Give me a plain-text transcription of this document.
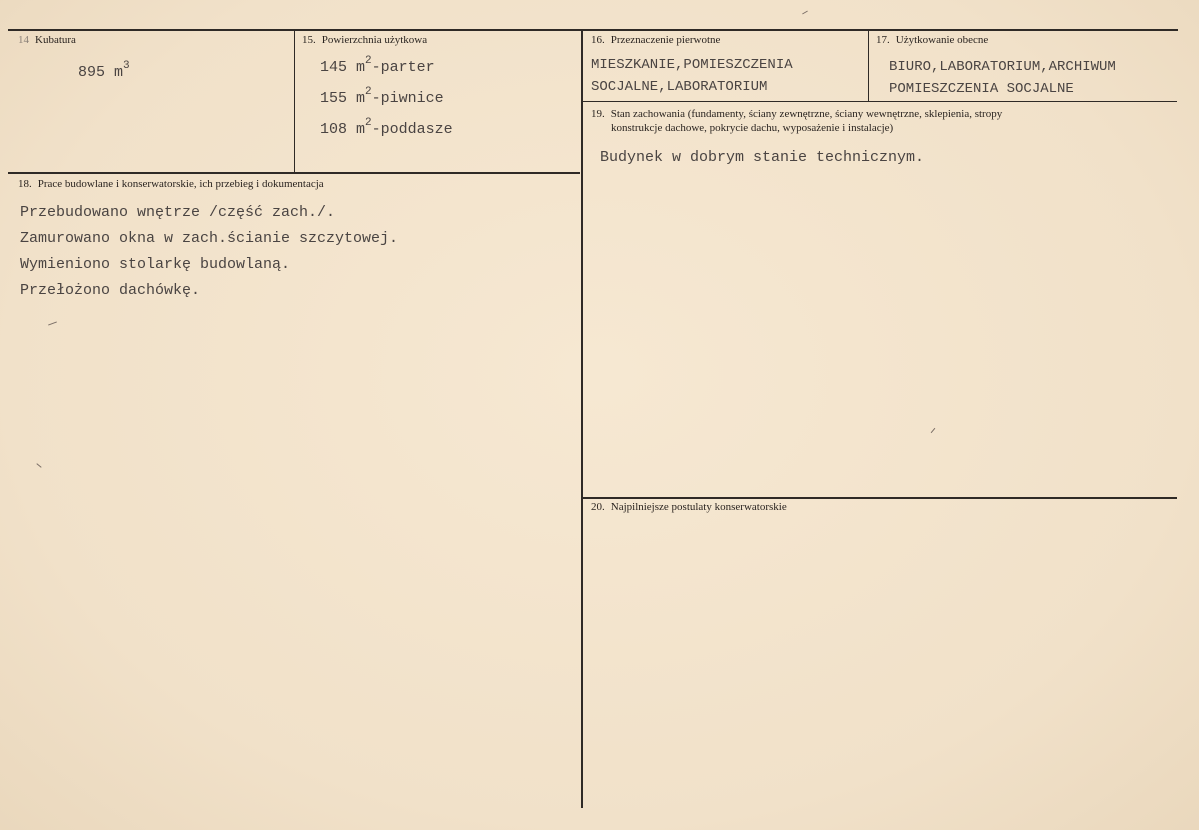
14 Kubatura
895 $m^3$
15. Powierzchnia użytkowa
145 $m^2$-parter
155 $m^2$-piwnice
108 $m^2$-poddasze
16. Przeznaczenie pierwotne
MIESZKANIE,POMIESZCZENIA
SOCJALNE,LABORATORIUM
17. Użytkowanie obecne
BIURO,LABORATORIUM,ARCHIWUM
POMIESZCZENIA SOCJALNE
19. Stan zachowania (fundamenty, ściany zewnętrzne, ściany wewnętrzne, sklepienia, stropy
konstrukcje dachowe, pokrycie dachu, wyposażenie i instalacje)
Budynek w dobrym stanie technicznym.
18. Prace budowlane i konserwatorskie, ich przebieg i dokumentacja
Przebudowano wnętrze /część zach./.
Zamurowano okna w zach.ścianie szczytowej.
Wymieniono stolarkę budowlaną.
Przełożono dachówkę.
20. Najpilniejsze postulaty konserwatorskie
